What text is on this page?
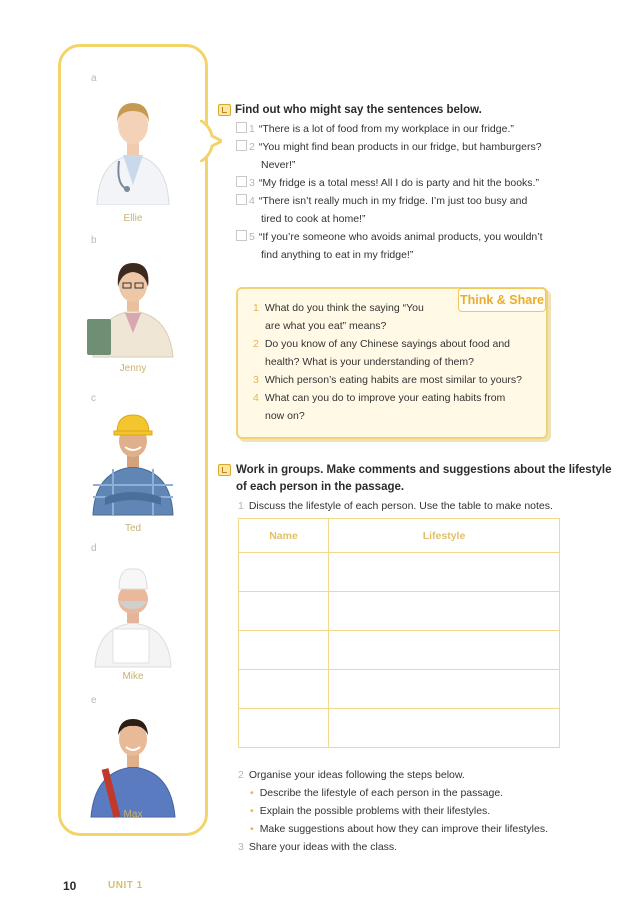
a
Ellie
b
Jenny
c
Ted
d
Mike
e
Max
Find out who might say the sentences below.
1 “There is a lot of food from my workplace in our fridge.”
2 “You might find bean products in our fridge, but hamburgers?
Never!”
3 “My fridge is a total mess! All I do is party and hit the books.”
4 “There isn’t really much in my fridge. I’m just too busy and
tired to cook at home!”
5 “If you’re someone who avoids animal products, you wouldn’t
find anything to eat in my fridge!”
Think & Share
1 What do you think the saying “You
are what you eat” means?
2 Do you know of any Chinese sayings about food and
health? What is your understanding of them?
3 Which person’s eating habits are most similar to yours?
4 What can you do to improve your eating habits from
now on?
Work in groups. Make comments and suggestions about the lifestyle
of each person in the passage.
1 Discuss the lifestyle of each person. Use the table to make notes.
Name	Lifestyle

2 Organise your ideas following the steps below.
• Describe the lifestyle of each person in the passage.
• Explain the possible problems with their lifestyles.
• Make suggestions about how they can improve their lifestyles.
3 Share your ideas with the class.
10	UNIT 1
